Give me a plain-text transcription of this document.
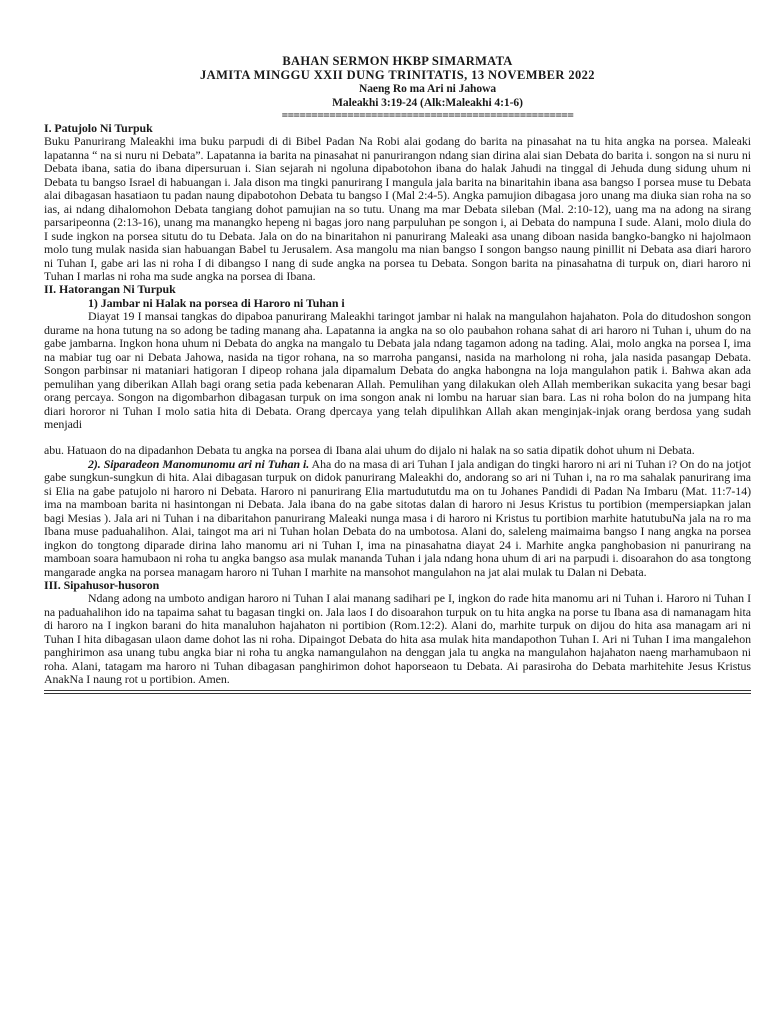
BAHAN SERMON HKBP SIMARMATA
JAMITA MINGGU XXII DUNG TRINITATIS, 13 NOVEMBER 2022
Naeng Ro ma Ari ni Jahowa
Maleakhi 3:19-24 (Alk:Maleakhi 4:1-6)
=================================================

I. Patujolo Ni Turpuk

Buku Panurirang Maleakhi ima buku parpudi di di Bibel Padan Na Robi alai godang do barita na pinasahat na tu hita angka na porsea. Maleaki lapatanna “ na si nuru ni Debata”. Lapatanna ia barita na pinasahat ni panurirangon ndang sian dirina alai sian Debata do barita i. songon na si nuru ni Debata ibana, satia do ibana dipersuruan i. Sian sejarah ni ngoluna dipabotohon ibana do halak Jahudi na tinggal di Jehuda dung sidung uhum ni Debata tu bangso Israel di habuangan i. Jala dison ma tingki panurirang I mangula jala barita na binaritahin ibana asa bangso I porsea muse tu Debata alai dibagasan hasatiaon tu padan naung dipabotohon Debata tu bangso I (Mal 2:4-5). Angka pamujion dibagasa joro unang ma diuka sian roha na so ias, ai ndang dihalomohon Debata tangiang dohot pamujian na so tutu. Unang ma mar Debata sileban (Mal. 2:10-12), uang ma na adong na sirang parsaripeonna (2:13-16), unang ma manangko hepeng ni bagas joro nang parpuluhan pe songon i, ai Debata do nampuna I sude. Alani, molo diula do I sude ingkon na porsea situtu do tu Debata. Jala on do na binaritahon ni panurirang Maleaki asa unang diboan nasida bangko-bangko ni hajolmaon molo tung mulak nasida sian habuangan Babel tu Jerusalem. Asa mangolu ma nian bangso I songon bangso naung pinillit ni Debata asa diari haroro ni Tuhan I, gabe ari las ni roha I di dibangso I nang di sude angka na porsea tu Debata. Songon barita na pinasahatna di turpuk on, diari haroro ni Tuhan I marlas ni roha ma sude angka na porsea di Ibana.

II. Hatorangan Ni Turpuk

1) Jambar ni Halak na porsea di Haroro ni Tuhan i

Diayat 19 I mansai tangkas do dipaboa panurirang Maleakhi taringot jambar ni halak na mangulahon hajahaton. Pola do ditudoshon songon durame na hona tutung na so adong be tading manang aha. Lapatanna ia angka na so olo paubahon rohana sahat di ari haroro ni Tuhan i, uhum do na gabe jambarna. Ingkon hona uhum ni Debata do angka na mangalo tu Debata jala ndang tagamon adong na tading. Alai, molo angka na porsea I, ima na mabiar tug oar ni Debata Jahowa, nasida na tigor rohana, na so marroha pangansi, nasida na marholong ni roha, jala nasida pasangap Debata. Songon parbinsar ni mataniari hatigoran I dipeop rohana jala dipamalum Debata do angka habongna na loja mangulahon patik i. Bahwa akan ada pemulihan yang diberikan Allah bagi orang setia pada kebenaran Allah. Pemulihan yang dilakukan oleh Allah memberikan sukacita yang besar bagi orang percaya. Songon na digombarhon dibagasan turpuk on ima songon anak ni lombu na haruar sian bara. Las ni roha bolon do na jumpang hita diari hororor ni Tuhan I molo satia hita di Debata. Orang dpercaya yang telah dipulihkan Allah akan menginjak-injak orang berdosa yang sudah menjadi

abu. Hatuaon do na dipadanhon Debata tu angka na porsea di Ibana alai uhum do dijalo ni halak na so satia dipatik dohot uhum ni Debata.

2). Siparadeon Manomunomu ari ni Tuhan i. Aha do na masa di ari Tuhan I jala andigan do tingki haroro ni ari ni Tuhan i? On do na jotjot gabe sungkun-sungkun di hita. Alai dibagasan turpuk on didok panurirang Maleakhi do, andorang so ari ni Tuhan i, na ro ma sahalak panurirang ima si Elia na gabe patujolo ni haroro ni Debata. Haroro ni panurirang Elia martudututdu ma on tu Johanes Pandidi di Padan Na Imbaru (Mat. 11:7-14) ima na mamboan barita ni hasintongan ni Debata. Jala ibana do na gabe sitotas dalan di haroro ni Jesus Kristus tu portibion (mempersiapkan jalan bagi Mesias ). Jala ari ni Tuhan i na dibaritahon panurirang Maleaki nunga masa i di haroro ni Kristus tu portibion marhite hatutubuNa jala na ro ma Ibana muse paduahalihon. Alai, taingot ma ari ni Tuhan holan Debata do na umbotosa. Alani do, saleleng maimaima bangso I nang angka na porsea ingkon do tongtong diparade dirina laho manomu ari ni Tuhan I, ima na pinasahatna diayat 24 i. Marhite angka panghobasion ni panurirang na mamboan soara hamubaon ni roha tu angka bangso asa mulak mananda Tuhan i jala ndang hona uhum di ari na parpudi i. disoarahon do asa tongtong mangarade angka na porsea managam haroro ni Tuhan I marhite na mansohot mangulahon na jat alai mulak tu Dalan ni Debata.

III. Sipahusor-husoron

Ndang adong na umboto andigan haroro ni Tuhan I alai manang sadihari pe I, ingkon do rade hita manomu ari ni Tuhan i. Haroro ni Tuhan I na paduahalihon ido na tapaima sahat tu bagasan tingki on. Jala laos I do disoarahon turpuk on tu hita angka na porse tu Ibana asa di namanagam hita di haroro na I ingkon barani do hita manaluhon hajahaton ni portibion (Rom.12:2). Alani do, marhite turpuk on dijou do hita asa managam ari ni Tuhan I hita dibagasan ulaon dame dohot las ni roha. Dipaingot Debata do hita asa mulak hita mandapothon Tuhan I. Ari ni Tuhan I ima mangalehon panghirimon asa unang tubu angka biar ni roha tu angka namangulahon na denggan jala tu angka na mangulahon hajahaton naeng marhamubaon ni roha. Alani, tatagam ma haroro ni Tuhan dibagasan panghirimon dohot haporseaon tu Debata. Ai parasiroha do Debata marhitehite Jesus Kristus AnakNa I naung rot u portibion. Amen.
